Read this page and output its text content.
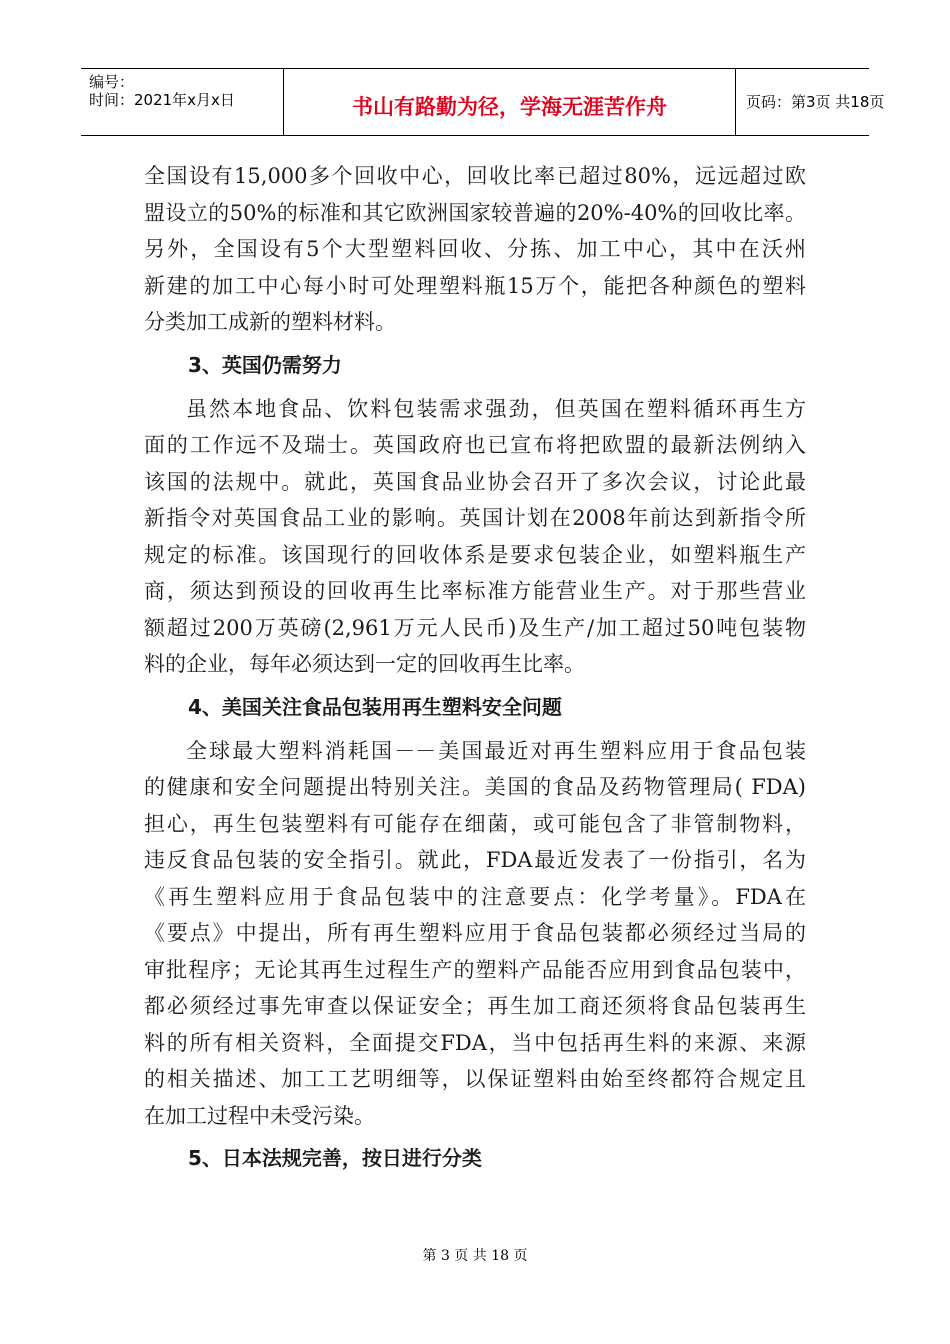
编号：
时间：2021年x月x日	书山有路勤为径，学海无涯苦作舟	页码：第3页 共18页

全国设有15,000多个回收中心，回收比率已超过80%，远远超过欧
盟设立的50%的标准和其它欧洲国家较普遍的20%-40%的回收比率。
另外，全国设有5个大型塑料回收、分拣、加工中心，其中在沃州
新建的加工中心每小时可处理塑料瓶15万个，能把各种颜色的塑料
分类加工成新的塑料材料。

3、英国仍需努力

虽然本地食品、饮料包装需求强劲，但英国在塑料循环再生方
面的工作远不及瑞士。英国政府也已宣布将把欧盟的最新法例纳入
该国的法规中。就此，英国食品业协会召开了多次会议，讨论此最
新指令对英国食品工业的影响。英国计划在2008年前达到新指令所
规定的标准。该国现行的回收体系是要求包装企业，如塑料瓶生产
商，须达到预设的回收再生比率标准方能营业生产。对于那些营业
额超过200万英磅(2,961万元人民币)及生产/加工超过50吨包装物
料的企业，每年必须达到一定的回收再生比率。

4、美国关注食品包装用再生塑料安全问题

全球最大塑料消耗国－－美国最近对再生塑料应用于食品包装
的健康和安全问题提出特别关注。美国的食品及药物管理局( FDA)
担心，再生包装塑料有可能存在细菌，或可能包含了非管制物料，
违反食品包装的安全指引。就此，FDA最近发表了一份指引，名为
《再生塑料应用于食品包装中的注意要点：化学考量》。FDA在
《要点》中提出，所有再生塑料应用于食品包装都必须经过当局的
审批程序；无论其再生过程生产的塑料产品能否应用到食品包装中，
都必须经过事先审查以保证安全；再生加工商还须将食品包装再生
料的所有相关资料，全面提交FDA，当中包括再生料的来源、来源
的相关描述、加工工艺明细等，以保证塑料由始至终都符合规定且
在加工过程中未受污染。

5、日本法规完善，按日进行分类

第 3 页 共 18 页
